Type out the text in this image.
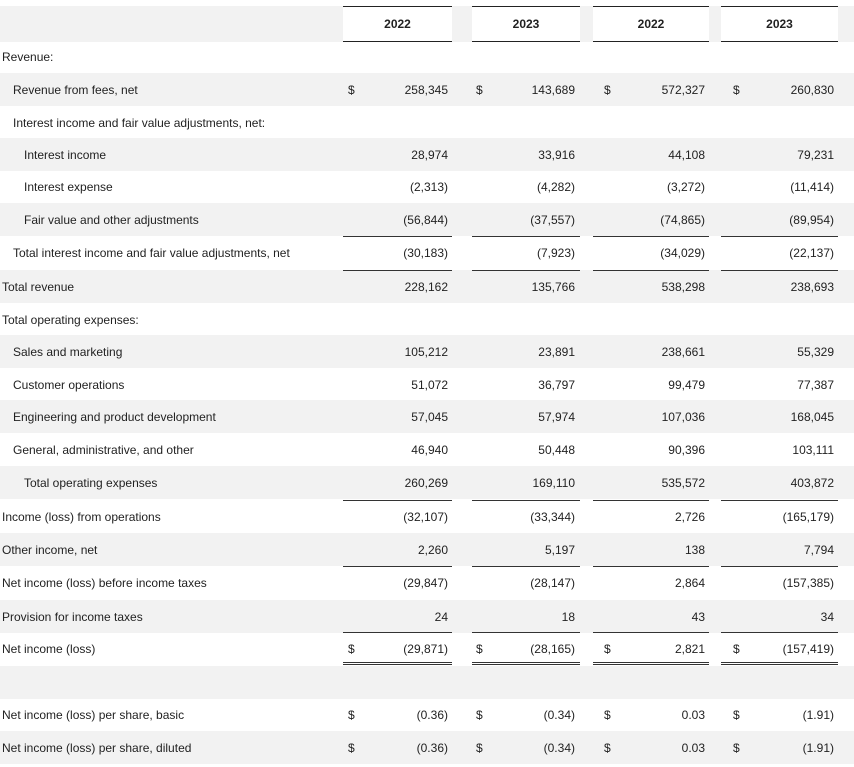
2022	2023	2022	2023
Revenue:
Revenue from fees, net	$	258,345 $	143,689 $	572,327 $	260,830
Interest income and fair value adjustments, net:
Interest income	28,974	33,916	44,108	79,231
Interest expense	(2,313)	(4,282)	(3,272)	(11,414)
Fair value and other adjustments	(56,844)	(37,557)	(74,865)	(89,954)
Total interest income and fair value adjustments, net	(30,183)	(7,923)	(34,029)	(22,137)
Total revenue	228,162	135,766	538,298	238,693
Total operating expenses:
Sales and marketing	105,212	23,891	238,661	55,329
Customer operations	51,072	36,797	99,479	77,387
Engineering and product development	57,045	57,974	107,036	168,045
General, administrative, and other	46,940	50,448	90,396	103,111
Total operating expenses	260,269	169,110	535,572	403,872
Income (loss) from operations	(32,107)	(33,344)	2,726	(165,179)
Other income, net	2,260	5,197	138	7,794
Net income (loss) before income taxes	(29,847)	(28,147)	2,864	(157,385)
Provision for income taxes	24	18	43	34
Net income (loss)	$	(29,871) $	(28,165) $	2,821 $	(157,419)
Net income (loss) per share, basic	$	(0.36) $	(0.34) $	0.03 $	(1.91)
Net income (loss) per share, diluted	$	(0.36) $	(0.34) $	0.03 $	(1.91)
